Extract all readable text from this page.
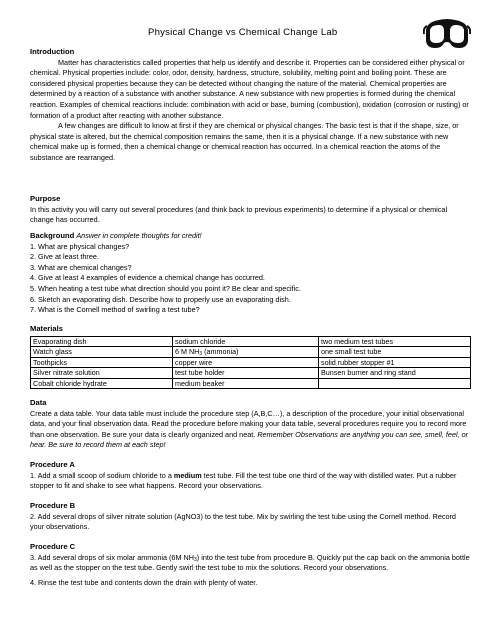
Physical Change vs Chemical Change Lab

Introduction

Matter has characteristics called properties that help us identify and describe it. Properties can be considered either physical or chemical. Physical properties include: color, odor, density, hardness, structure, solubility, melting point and boiling point. These are considered physical properties because they can be detected without changing the nature of the material. Chemical properties are determined by a reaction of a substance with another substance. A new substance with new properties is formed during the chemical reaction. Examples of chemical reactions include: combination with acid or base, burning (combustion), oxidation (corrosion or rusting) or formation of a product after reacting with another substance.

A few changes are difficult to know at first if they are chemical or physical changes. The basic test is that if the shape, size, or physical state is altered, but the chemical composition remains the same, then it is a physical change. If a new substance with new chemical make up is formed, then a chemical change or chemical reaction has occurred. In a chemical reaction the atoms of the substance are rearranged.

Purpose

In this activity you will carry out several procedures (and think back to previous experiments) to determine if a physical or chemical change has occurred.

Background Answer in complete thoughts for credit!

1. What are physical changes?

2. Give at least three.

3. What are chemical changes?

4. Give at least 4 examples of evidence a chemical change has occurred.

5. When heating a test tube what direction should you point it? Be clear and specific.

6. Sketch an evaporating dish. Describe how to properly use an evaporating dish.

7. What is the Cornell method of swirling a test tube?

Materials

Evaporating dish	sodium chloride	two medium test tubes
Watch glass	6 M $NH_3$ (ammonia)	one small test tube
Toothpicks	copper wire	solid rubber stopper #1
Silver nitrate solution	test tube holder	Bunsen burner and ring stand
Cobalt chloride hydrate	medium beaker	

Data

Create a data table. Your data table must include the procedure step (A,B,C…), a description of the procedure, your initial observational data, and your final observation data. Read the procedure before making your data table, several procedures require you to record more than one observation. Be sure your data is clearly organized and neat. Remember Observations are anything you can see, smell, feel, or hear. Be sure to record them at each step!

Procedure A

1. Add a small scoop of sodium chloride to a medium test tube. Fill the test tube one third of the way with distilled water. Put a rubber stopper to fit and shake to see what happens. Record your observations.

Procedure B

2. Add several drops of silver nitrate solution (AgNO3) to the test tube. Mix by swirling the test tube using the Cornell method. Record your observations.

Procedure C

3. Add several drops of six molar ammonia (6M $NH_3$) into the test tube from procedure B. Quickly put the cap back on the ammonia bottle as well as the stopper on the test tube. Gently swirl the test tube to mix the solutions. Record your observations.

4. Rinse the test tube and contents down the drain with plenty of water.
